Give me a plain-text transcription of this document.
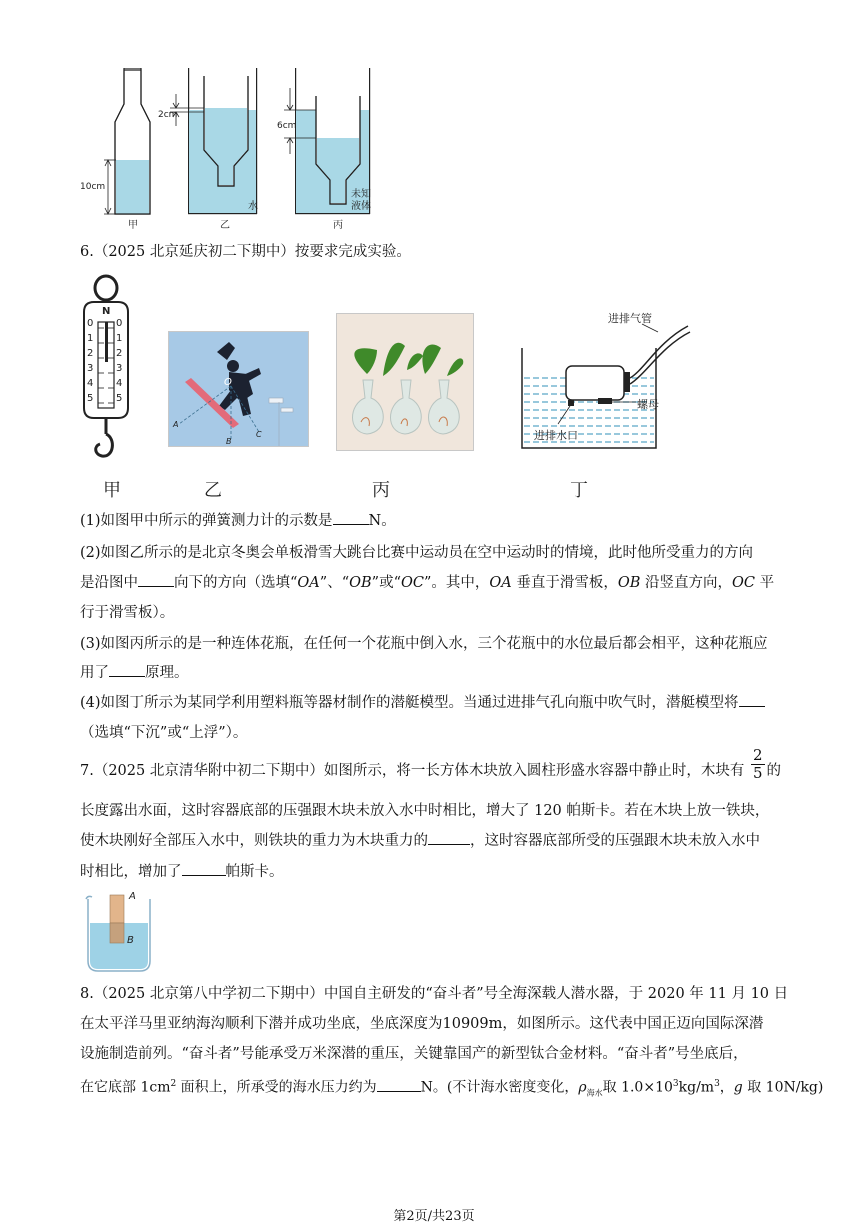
10cm
2cm
6cm
水
未知
液体
甲	乙	丙
6.（2025 北京延庆初二下期中）按要求完成实验。
N
0
1
2
3
4
5
0
1
2
3
4
5
O
A
B
C
进排气管
螺母
进排水口
甲	乙	丙	丁
(1)如图甲中所示的弹簧测力计的示数是 N。
(2)如图乙所示的是北京冬奥会单板滑雪大跳台比赛中运动员在空中运动时的情境，此时他所受重力的方向
是沿图中 向下的方向（选填“OA”、“OB”或“OC”。其中，OA 垂直于滑雪板，OB 沿竖直方向，OC 平
行于滑雪板）。
(3)如图丙所示的是一种连体花瓶，在任何一个花瓶中倒入水，三个花瓶中的水位最后都会相平，这种花瓶应
用了 原理。
(4)如图丁所示为某同学利用塑料瓶等器材制作的潜艇模型。当通过进排气孔向瓶中吹气时，潜艇模型将
（选填“下沉”或“上浮”）。
7.（2025 北京清华附中初二下期中）如图所示，将一长方体木块放入圆柱形盛水容器中静止时，木块有 $\frac{2}{5}$ 的
长度露出水面，这时容器底部的压强跟木块未放入水中时相比，增大了 120 帕斯卡。若在木块上放一铁块，
使木块刚好全部压入水中，则铁块的重力为木块重力的	，这时容器底部所受的压强跟木块未放入水中
时相比，增加了	帕斯卡。
A
B
8.（2025 北京第八中学初二下期中）中国自主研发的“奋斗者”号全海深载人潜水器，于 2020 年 11 月 10 日
在太平洋马里亚纳海沟顺利下潜并成功坐底，坐底深度为10909m，如图所示。这代表中国正迈向国际深潜
设施制造前列。“奋斗者”号能承受万米深潜的重压，关键靠国产的新型钛合金材料。“奋斗者”号坐底后，
在它底部 $1cm^2$ 面积上，所承受的海水压力约为	N。(不计海水密度变化，$\rho_{海水}$取 $1.0\times 10^3kg/m^3$，g 取 10N/kg)
第2页/共23页
